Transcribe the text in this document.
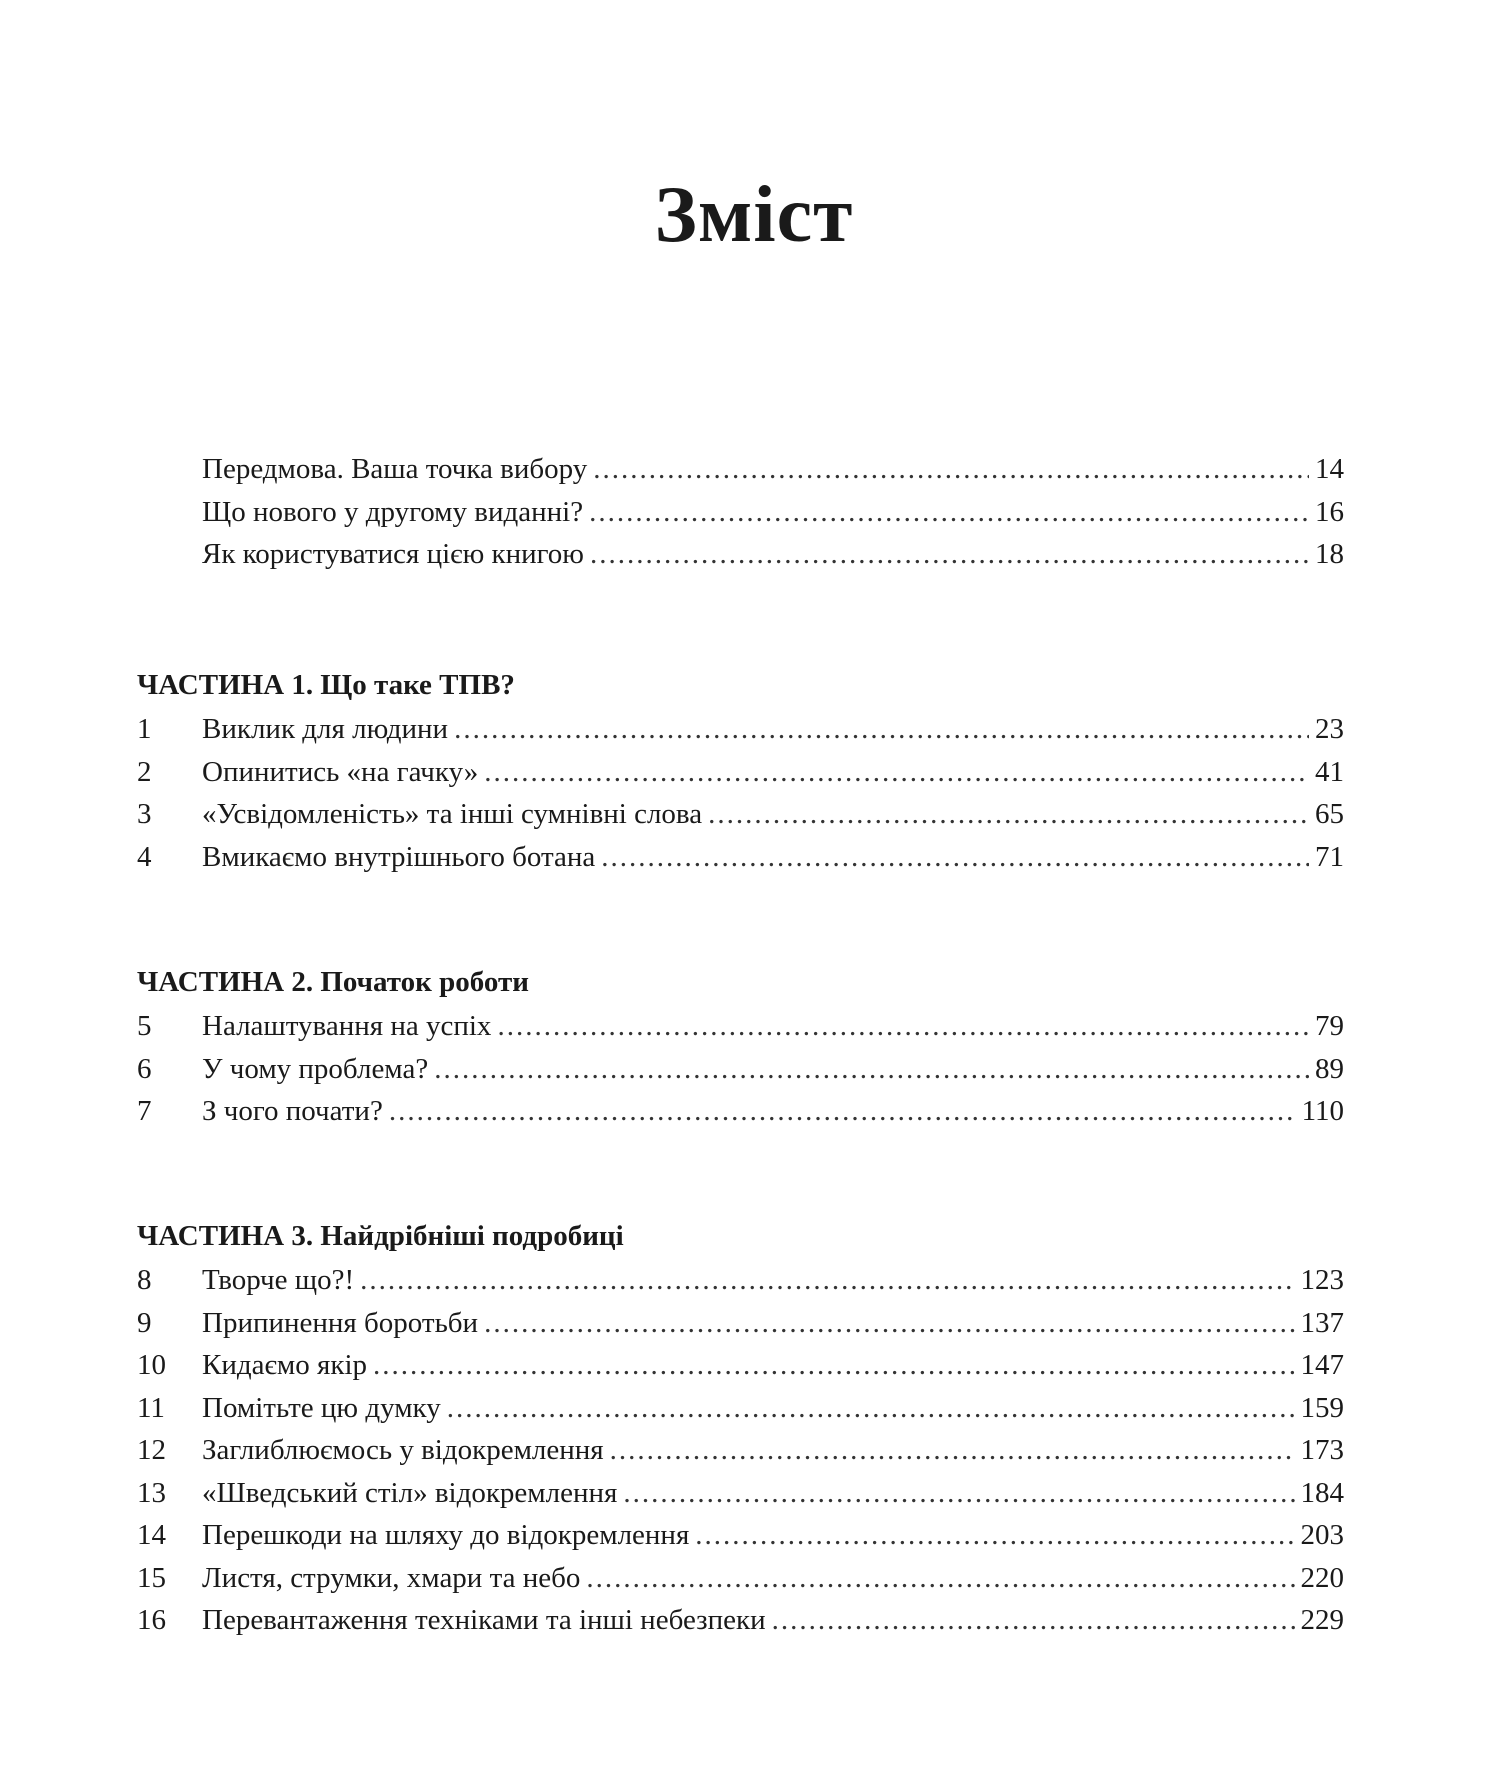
Зміст
Передмова. Ваша точка вибору .....	14
Що нового у другому виданні? .....	16
Як користуватися цією книгою .....	18
ЧАСТИНА 1. Що таке ТПВ?
1	Виклик для людини .....	23
2	Опинитись «на гачку» .....	41
3	«Усвідомленість» та інші сумнівні слова .....	65
4	Вмикаємо внутрішнього ботана .....	71
ЧАСТИНА 2. Початок роботи
5	Налаштування на успіх .....	79
6	У чому проблема? .....	89
7	З чого почати? .....	110
ЧАСТИНА 3. Найдрібніші подробиці
8	Творче що?! .....	123
9	Припинення боротьби .....	137
10	Кидаємо якір .....	147
11	Помітьте цю думку .....	159
12	Заглиблюємось у відокремлення .....	173
13	«Шведський стіл» відокремлення .....	184
14	Перешкоди на шляху до відокремлення .....	203
15	Листя, струмки, хмари та небо .....	220
16	Перевантаження техніками та інші небезпеки .....	229
